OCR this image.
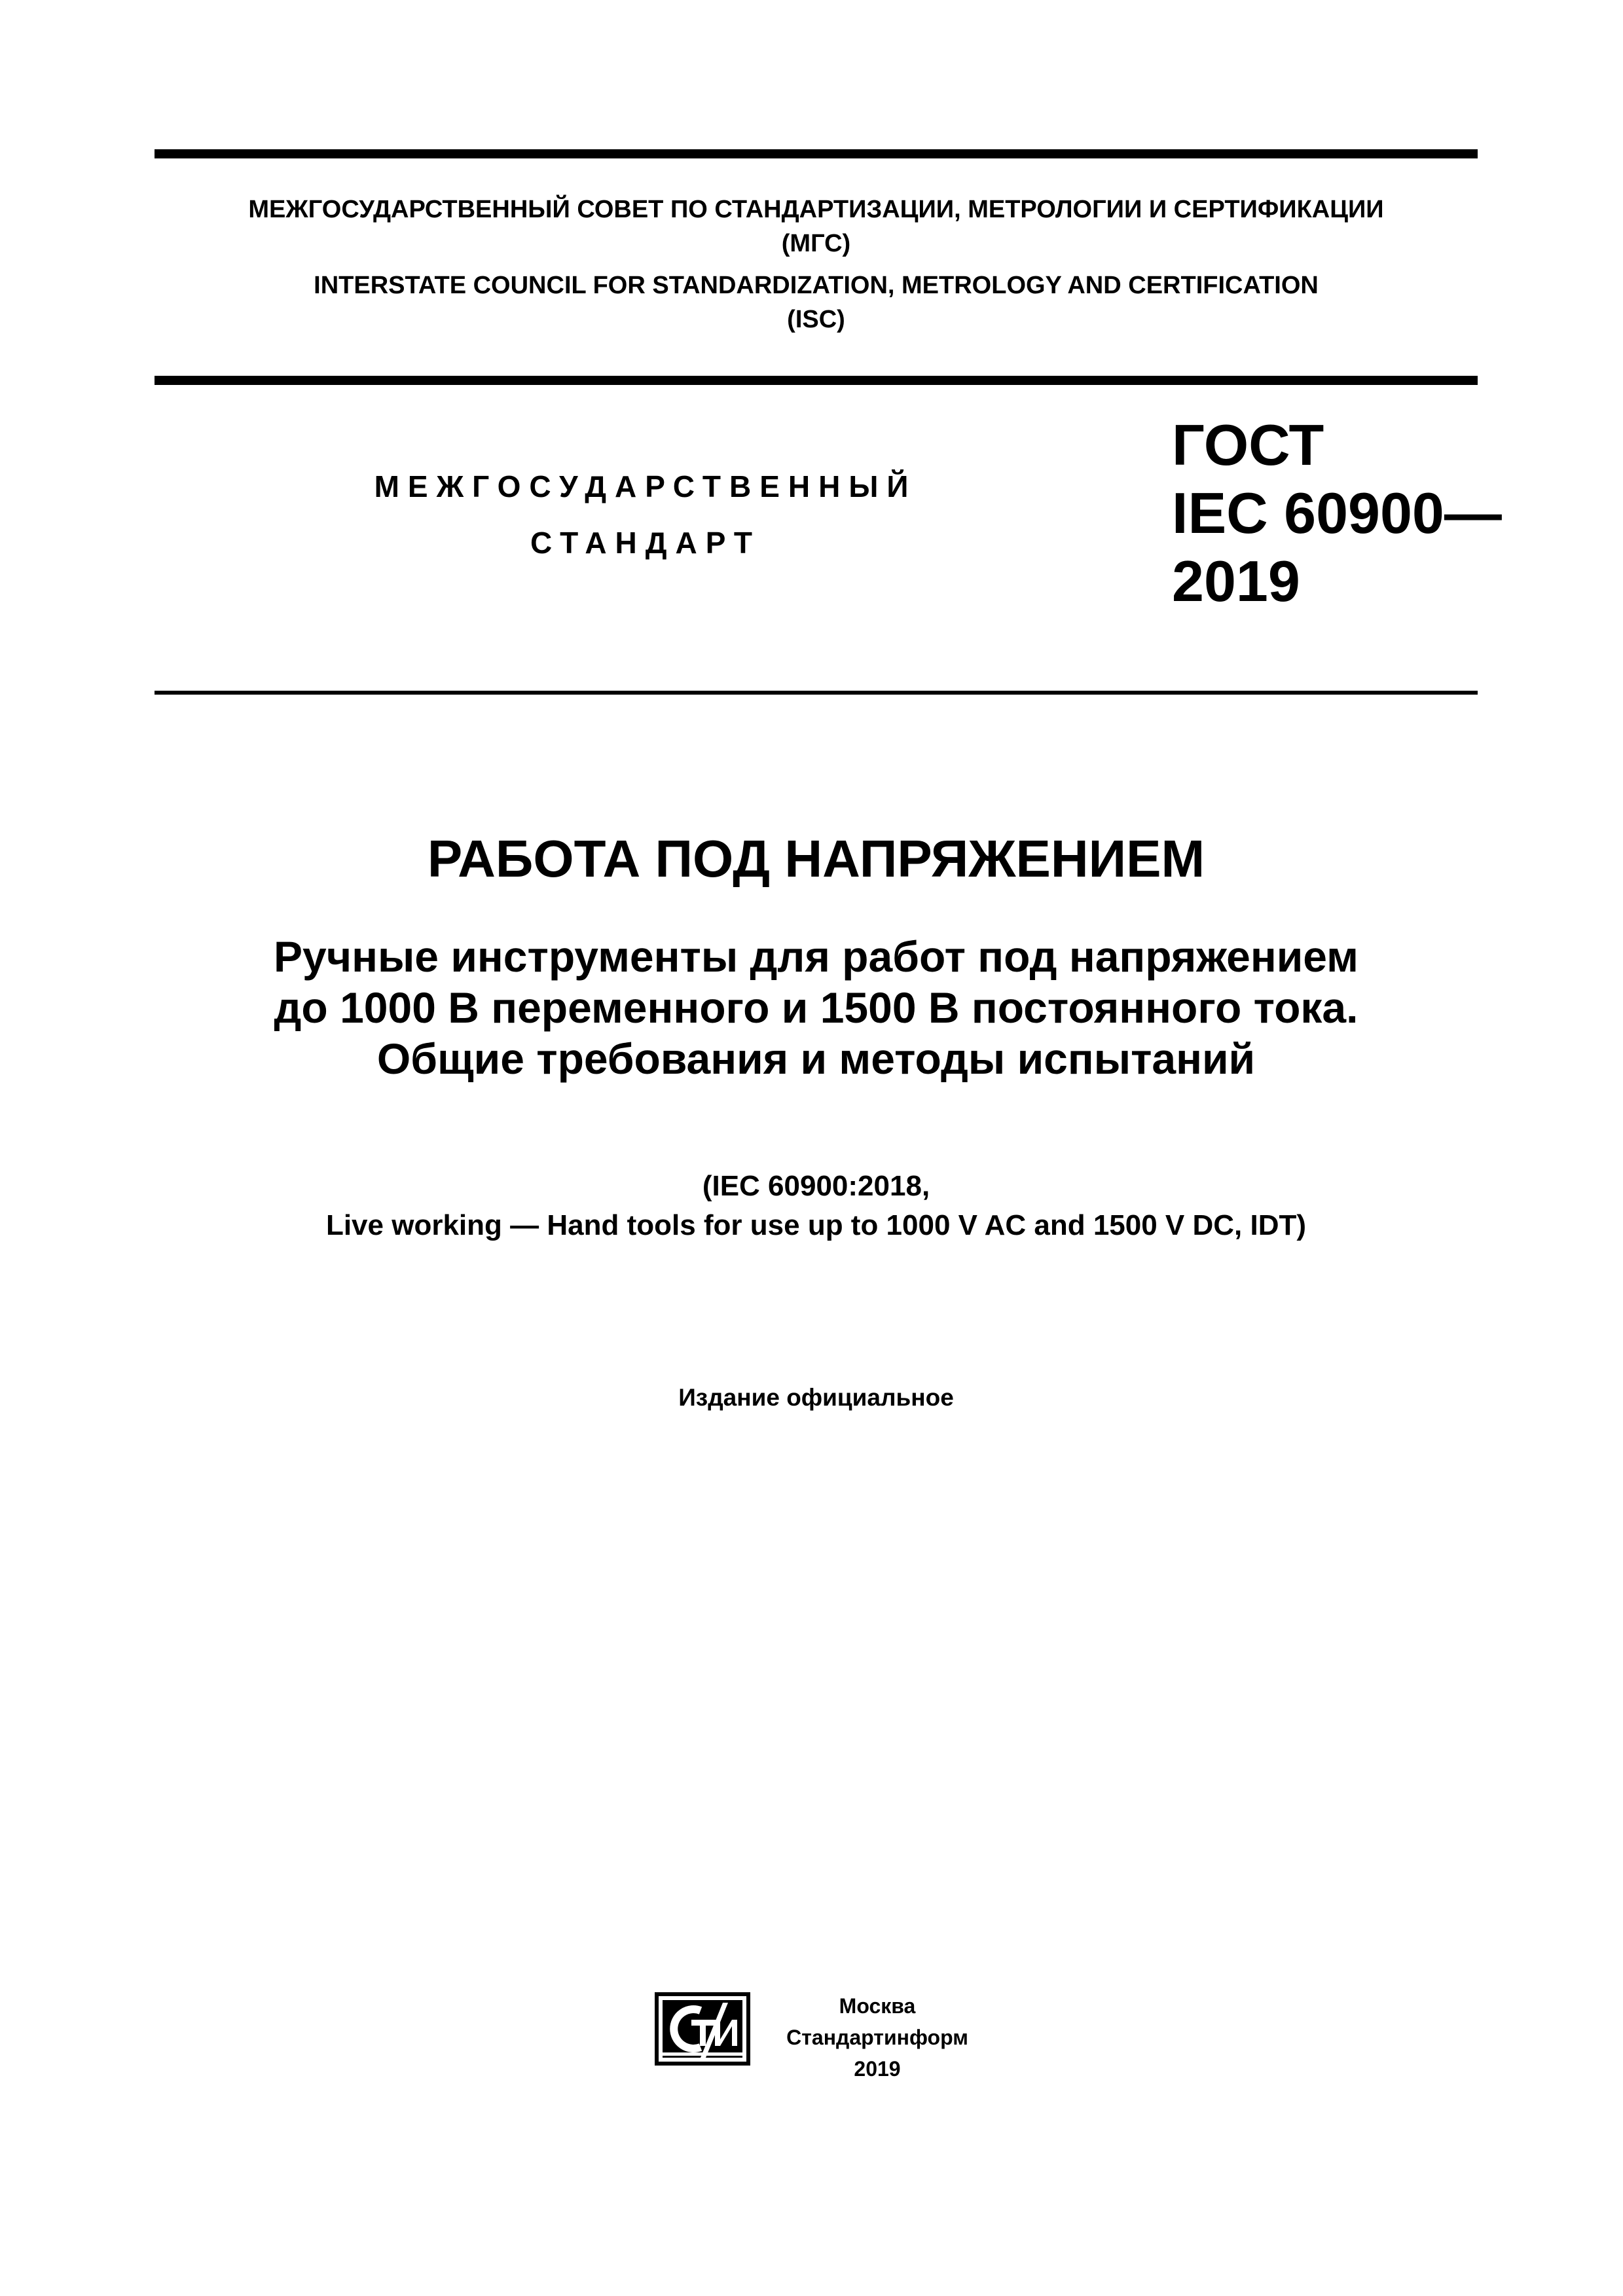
МЕЖГОСУДАРСТВЕННЫЙ СОВЕТ ПО СТАНДАРТИЗАЦИИ, МЕТРОЛОГИИ И СЕРТИФИКАЦИИ
(МГС)
INTERSTATE COUNCIL FOR STANDARDIZATION, METROLOGY AND CERTIFICATION
(ISC)
МЕЖГОСУДАРСТВЕННЫЙ
СТАНДАРТ
ГОСТ
IEC 60900—
2019
РАБОТА ПОД НАПРЯЖЕНИЕМ
Ручные инструменты для работ под напряжением
до 1000 В переменного и 1500 В постоянного тока.
Общие требования и методы испытаний
(IEC 60900:2018,
Live working — Hand tools for use up to 1000 V AC and 1500 V DC, IDT)
Издание официальное
Москва
Стандартинформ
2019
